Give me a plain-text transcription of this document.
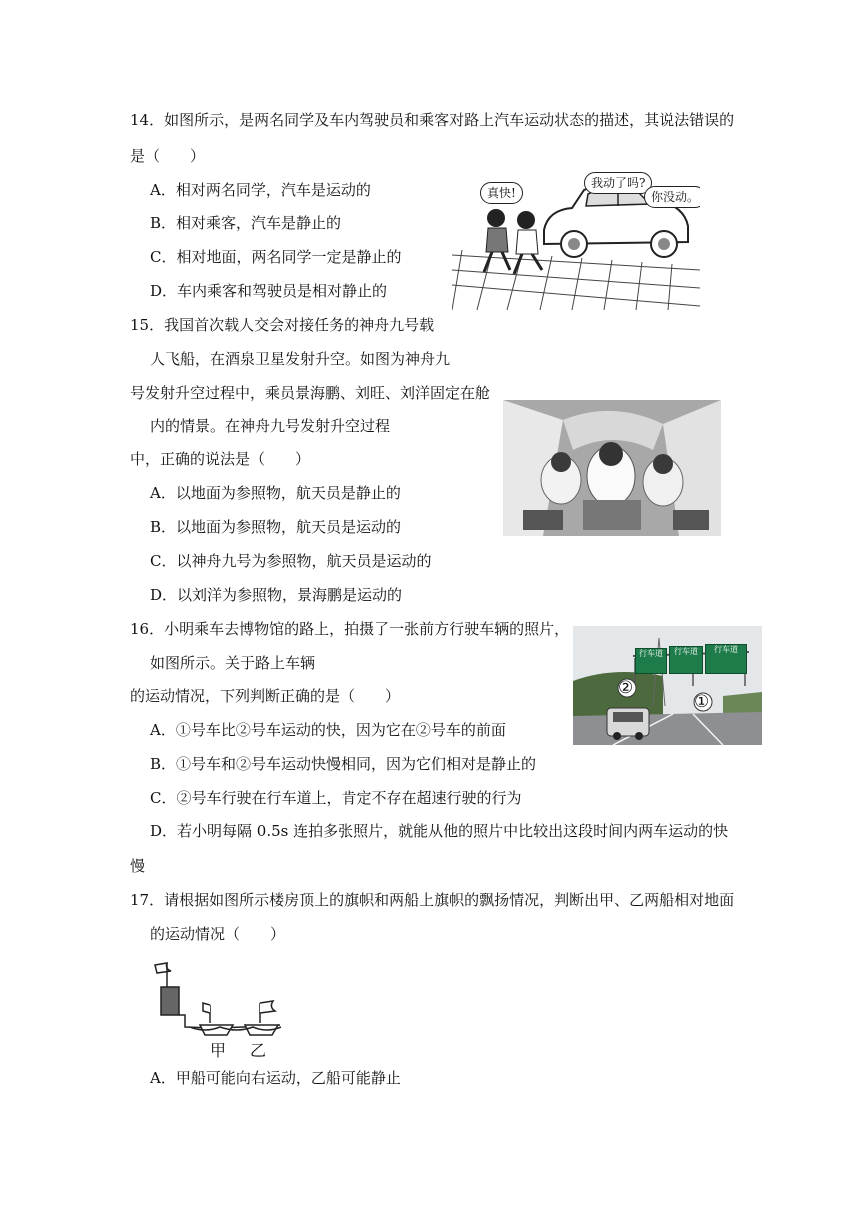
14．如图所示，是两名同学及车内驾驶员和乘客对路上汽车运动状态的描述，其说法错误的
是（　　）
A．相对两名同学，汽车是运动的
B．相对乘客，汽车是静止的
C．相对地面，两名同学一定是静止的
D．车内乘客和驾驶员是相对静止的
真快!
我动了吗?
你没动。
15．我国首次载人交会对接任务的神舟九号载
人飞船，在酒泉卫星发射升空。如图为神舟九
号发射升空过程中，乘员景海鹏、刘旺、刘洋固定在舱
内的情景。在神舟九号发射升空过程
中，正确的说法是（　　）
A．以地面为参照物，航天员是静止的
B．以地面为参照物，航天员是运动的
C．以神舟九号为参照物，航天员是运动的
D．以刘洋为参照物，景海鹏是运动的
16．小明乘车去博物馆的路上，拍摄了一张前方行驶车辆的照片，
如图所示。关于路上车辆
的运动情况，下列判断正确的是（　　）
A．①号车比②号车运动的快，因为它在②号车的前面
B．①号车和②号车运动快慢相同，因为它们相对是静止的
C．②号车行驶在行车道上，肯定不存在超速行驶的行为
D．若小明每隔 0.5s 连拍多张照片，就能从他的照片中比较出这段时间内两车运动的快
慢
行车道	行车道	行车道
②
①
17．请根据如图所示楼房顶上的旗帜和两船上旗帜的飘扬情况，判断出甲、乙两船相对地面
的运动情况（　　）
甲 乙
A．甲船可能向右运动，乙船可能静止
